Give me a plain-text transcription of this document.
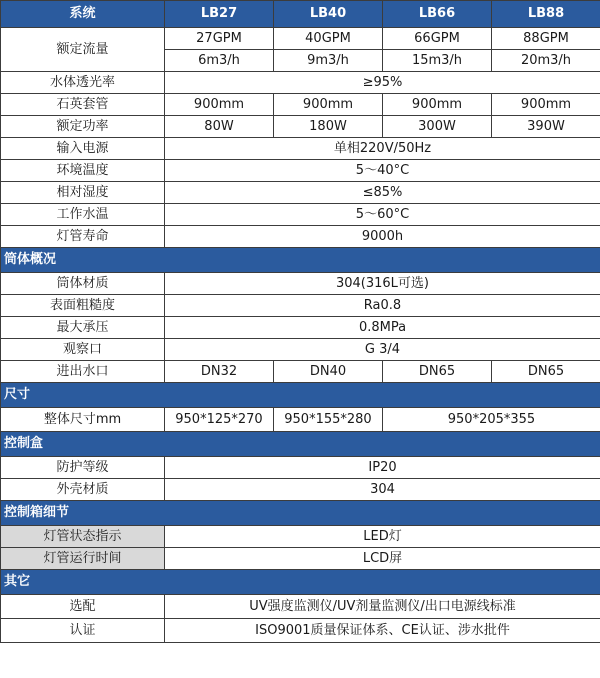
系统	LB27	LB40	LB66	LB88
额定流量	27GPM	40GPM	66GPM	88GPM
	6m3/h	9m3/h	15m3/h	20m3/h
水体透光率	≥95%			
石英套管	900mm	900mm	900mm	900mm
额定功率	80W	180W	300W	390W
输入电源	单相220V/50Hz			
环境温度	5～40°C			
相对湿度	≤85%			
工作水温	5～60°C			
灯管寿命	9000h			
筒体概况				
筒体材质	304(316L可选)			
表面粗糙度	Ra0.8			
最大承压	0.8MPa			
观察口	G 3/4			
进出水口	DN32	DN40	DN65	DN65
尺寸				
整体尺寸mm	950*125*270	950*155*280	950*205*355	
控制盒				
防护等级	IP20			
外壳材质	304			
控制箱细节				
灯管状态指示	LED灯			
灯管运行时间	LCD屏			
其它				
选配	UV强度监测仪/UV剂量监测仪/出口电源线标准			
认证	ISO9001质量保证体系、CE认证、涉水批件			
